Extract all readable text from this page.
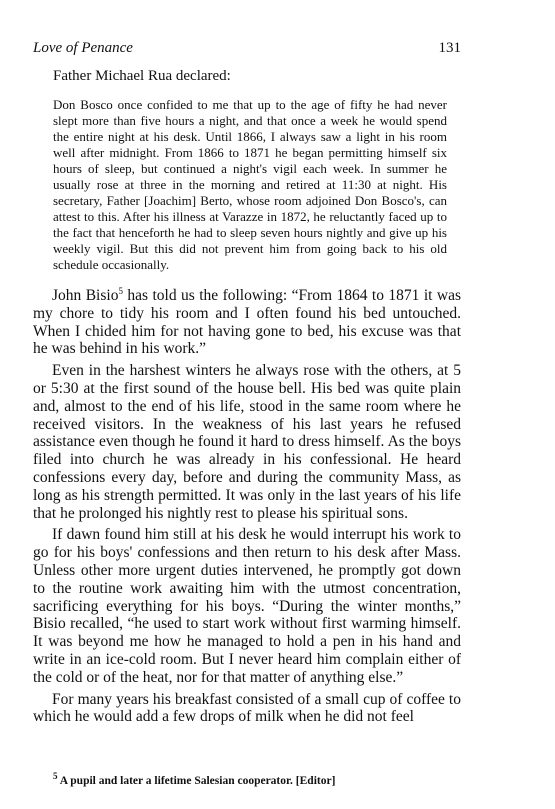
Love of Penance	131
Father Michael Rua declared:
Don Bosco once confided to me that up to the age of fifty he had never slept more than five hours a night, and that once a week he would spend the entire night at his desk. Until 1866, I always saw a light in his room well after midnight. From 1866 to 1871 he began permitting himself six hours of sleep, but continued a night's vigil each week. In summer he usually rose at three in the morning and retired at 11:30 at night. His secretary, Father [Joachim] Berto, whose room adjoined Don Bosco's, can attest to this. After his illness at Varazze in 1872, he reluctantly faced up to the fact that henceforth he had to sleep seven hours nightly and give up his weekly vigil. But this did not prevent him from going back to his old schedule occasionally.

John Bisio$^5$ has told us the following: “From 1864 to 1871 it was my chore to tidy his room and I often found his bed untouched. When I chided him for not having gone to bed, his excuse was that he was behind in his work.”

Even in the harshest winters he always rose with the others, at 5 or 5:30 at the first sound of the house bell. His bed was quite plain and, almost to the end of his life, stood in the same room where he received visitors. In the weakness of his last years he refused assistance even though he found it hard to dress himself. As the boys filed into church he was already in his confessional. He heard confessions every day, before and during the community Mass, as long as his strength permitted. It was only in the last years of his life that he prolonged his nightly rest to please his spiritual sons.

If dawn found him still at his desk he would interrupt his work to go for his boys' confessions and then return to his desk after Mass. Unless other more urgent duties intervened, he promptly got down to the routine work awaiting him with the utmost concentration, sacrificing everything for his boys. “During the winter months,” Bisio recalled, “he used to start work without first warming himself. It was beyond me how he managed to hold a pen in his hand and write in an ice-cold room. But I never heard him complain either of the cold or of the heat, nor for that matter of anything else.”

For many years his breakfast consisted of a small cup of coffee to which he would add a few drops of milk when he did not feel

$^5$ A pupil and later a lifetime Salesian cooperator. [Editor]
